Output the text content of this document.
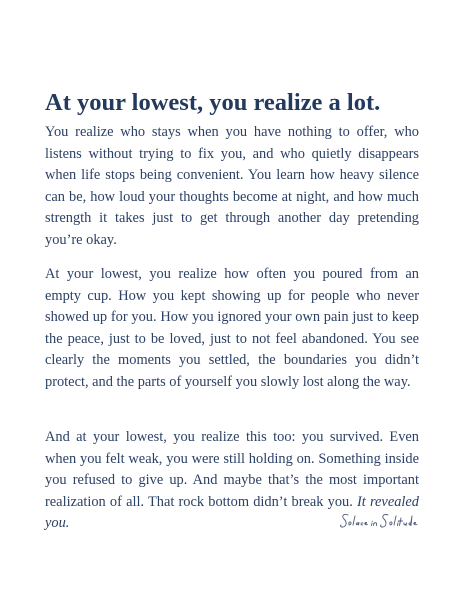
At your lowest, you realize a lot.

You realize who stays when you have nothing to offer, who listens without trying to fix you, and who quietly disappears when life stops being convenient. You learn how heavy silence can be, how loud your thoughts become at night, and how much strength it takes just to get through another day pretending you’re okay.

At your lowest, you realize how often you poured from an empty cup. How you kept showing up for people who never showed up for you. How you ignored your own pain just to keep the peace, just to be loved, just to not feel abandoned. You see clearly the moments you settled, the boundaries you didn’t protect, and the parts of yourself you slowly lost along the way.

And at your lowest, you realize this too: you survived. Even when you felt weak, you were still holding on. Something inside you refused to give up. And maybe that’s the most important realization of all. That rock bottom didn’t break you. It revealed you.
